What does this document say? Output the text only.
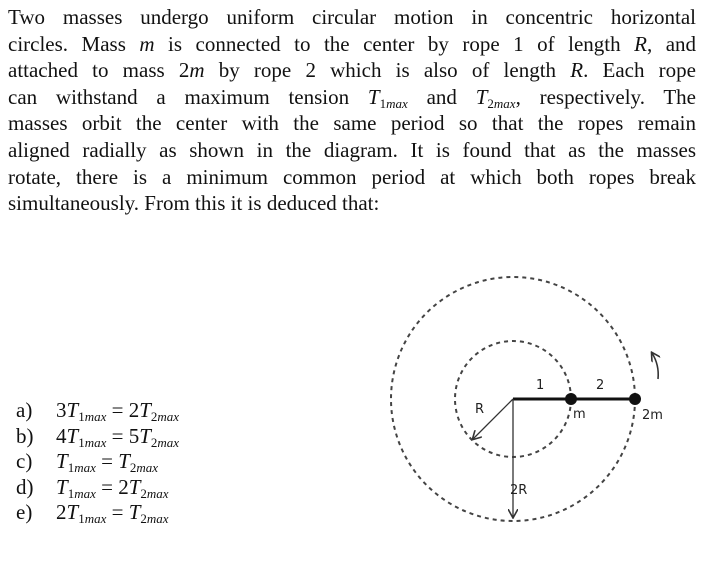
Two masses undergo uniform circular motion in concentric horizontal
circles. Mass m is connected to the center by rope 1 of length R, and
attached to mass 2m by rope 2 which is also of length R. Each rope
can withstand a maximum tension $T_{1max}$ and $T_{2max}$, respectively. The
masses orbit the center with the same period so that the ropes remain
aligned radially as shown in the diagram. It is found that as the masses
rotate, there is a minimum common period at which both ropes break
simultaneously. From this it is deduced that:
a) $3T_{1max} = 2T_{2max}$
b) $4T_{1max} = 5T_{2max}$
c) $T_{1max} = T_{2max}$
d) $T_{1max} = 2T_{2max}$
e) $2T_{1max} = T_{2max}$
1	2
R	m	2m
2R
